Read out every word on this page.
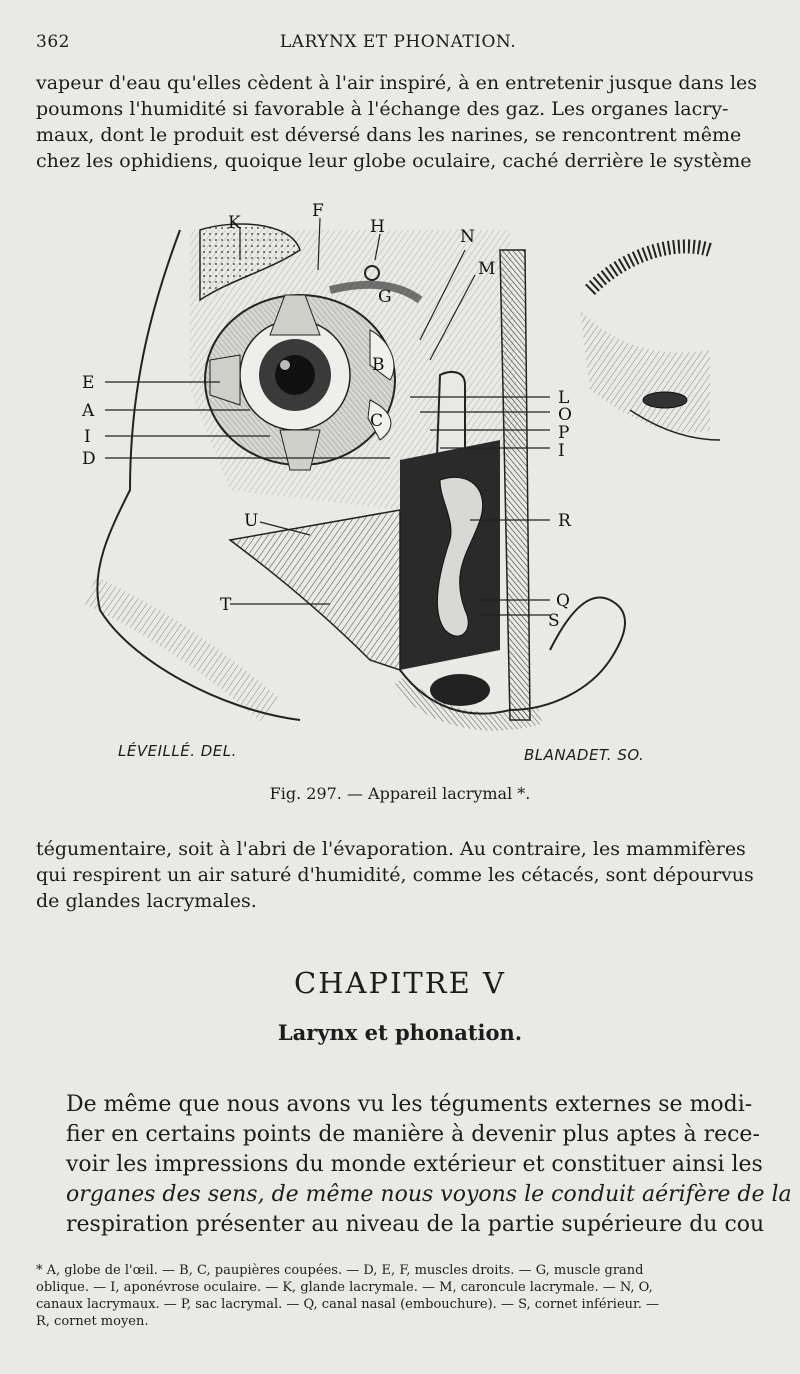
362	LARYNX ET PHONATION.
vapeur d'eau qu'elles cèdent à l'air inspiré, à en entretenir jusque dans les
poumons l'humidité si favorable à l'échange des gaz. Les organes lacry-
maux, dont le produit est déversé dans les narines, se rencontrent même
chez les ophidiens, quoique leur globe oculaire, caché derrière le système
K
F
H	N
M
G
B
C
E
A
I
D
L
O
P
I
R
U
T	Q
S
LÉVEILLÉ. DEL.	BLANADET. SO.
Fig. 297. — Appareil lacrymal *.
tégumentaire, soit à l'abri de l'évaporation. Au contraire, les mammifères
qui respirent un air saturé d'humidité, comme les cétacés, sont dépourvus
de glandes lacrymales.
CHAPITRE V
Larynx et phonation.
De même que nous avons vu les téguments externes se modi-
fier en certains points de manière à devenir plus aptes à rece-
voir les impressions du monde extérieur et constituer ainsi les
organes des sens, de même nous voyons le conduit aérifère de la
respiration présenter au niveau de la partie supérieure du cou
* A, globe de l'œil. — B, C, paupières coupées. — D, E, F, muscles droits. — G, muscle grand
oblique. — I, aponévrose oculaire. — K, glande lacrymale. — M, caroncule lacrymale. — N, O,
canaux lacrymaux. — P, sac lacrymal. — Q, canal nasal (embouchure). — S, cornet inférieur. —
R, cornet moyen.
